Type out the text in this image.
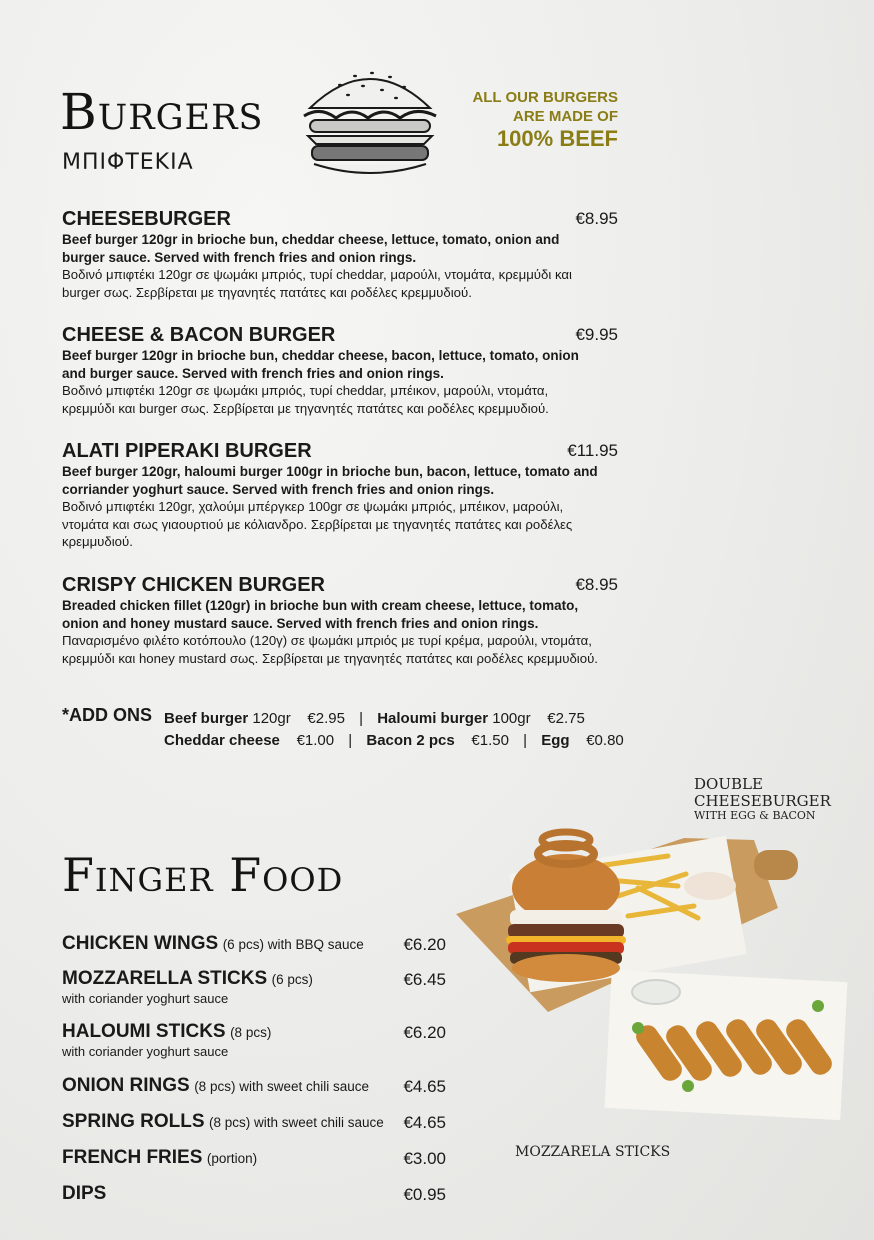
Burgers
ΜΠΙΦΤΕΚΙΑ
ALL OUR BURGERS
ARE MADE OF
100% BEEF
CHEESEBURGER	€8.95
Beef burger 120gr in brioche bun, cheddar cheese, lettuce, tomato, onion and burger sauce. Served with french fries and onion rings.
Βοδινό μπιφτέκι 120gr σε ψωμάκι μπριός, τυρί cheddar, μαρούλι, ντομάτα, κρεμμύδι και burger σως. Σερβίρεται με τηγανητές πατάτες και ροδέλες κρεμμυδιού.
CHEESE & BACON BURGER	€9.95
Beef burger 120gr in brioche bun, cheddar cheese, bacon, lettuce, tomato, onion and burger sauce. Served with french fries and onion rings.
Βοδινό μπιφτέκι 120gr σε ψωμάκι μπριός, τυρί cheddar, μπέικον, μαρούλι, ντομάτα, κρεμμύδι και burger σως. Σερβίρεται με τηγανητές πατάτες και ροδέλες κρεμμυδιού.
ALATI PIPERAKI BURGER	€11.95
Beef burger 120gr, haloumi burger 100gr in brioche bun, bacon, lettuce, tomato and corriander yoghurt sauce. Served with french fries and onion rings.
Βοδινό μπιφτέκι 120gr, χαλούμι μπέργκερ 100gr σε ψωμάκι μπριός, μπέικον, μαρούλι, ντομάτα και σως γιαουρτιού με κόλιανδρο. Σερβίρεται με τηγανητές πατάτες και ροδέλες κρεμμυδιού.
CRISPY CHICKEN BURGER	€8.95
Breaded chicken fillet (120gr) in brioche bun with cream cheese, lettuce, tomato, onion and honey mustard sauce. Served with french fries and onion rings.
Παναρισμένο φιλέτο κοτόπουλο (120γ) σε ψωμάκι μπριός με τυρί κρέμα, μαρούλι, ντομάτα, κρεμμύδι και honey mustard σως. Σερβίρεται με τηγανητές πατάτες και ροδέλες κρεμμυδιού.
*ADD ONS Beef burger 120gr €2.95 | Haloumi burger 100gr €2.75
Cheddar cheese €1.00 | Bacon 2 pcs €1.50 | Egg €0.80
DOUBLE CHEESEBURGER
WITH EGG & BACON
MOZZARELA STICKS
Finger Food
CHICKEN WINGS (6 pcs) with BBQ sauce €6.20
MOZZARELLA STICKS (6 pcs)	€6.45
with coriander yoghurt sauce
HALOUMI STICKS (8 pcs)	€6.20
with coriander yoghurt sauce
ONION RINGS (8 pcs) with sweet chili sauce €4.65
SPRING ROLLS (8 pcs) with sweet chili sauce €4.65
FRENCH FRIES (portion)	€3.00
DIPS	€0.95
